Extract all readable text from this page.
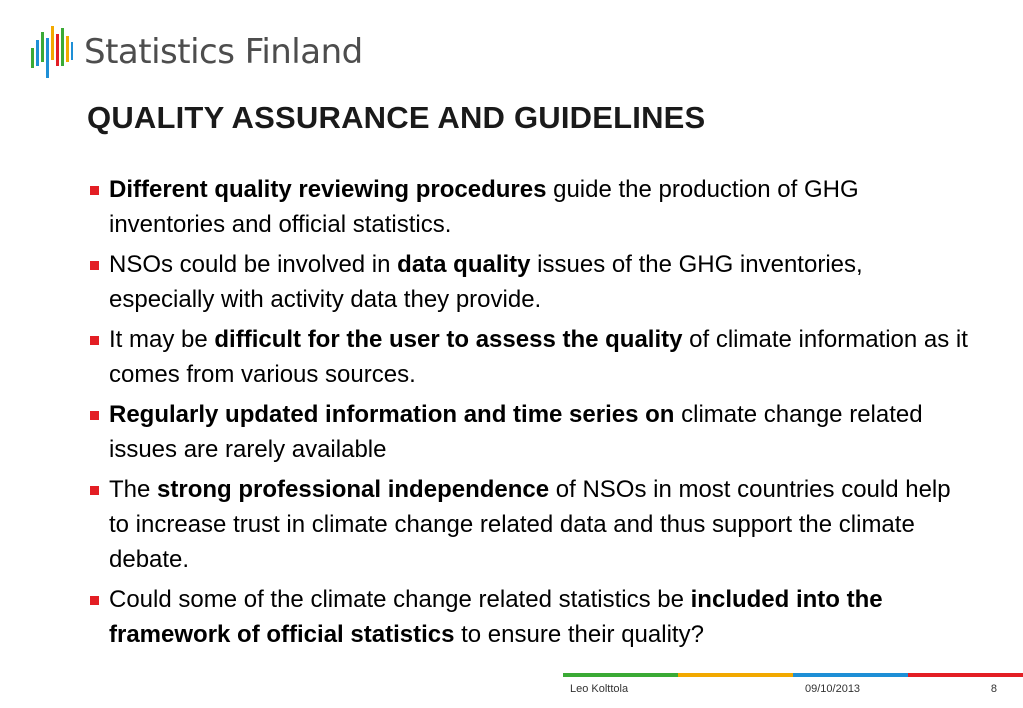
Statistics Finland
QUALITY ASSURANCE AND GUIDELINES
Different quality reviewing procedures guide the production of GHG inventories and official statistics.
NSOs could be involved in data quality issues of the GHG inventories, especially with activity data they provide.
It may be difficult for the user to assess the quality of climate information as it comes from various sources.
Regularly updated information and time series on climate change related issues are rarely available
The strong professional independence of NSOs in most countries could help to increase trust in climate change related data and thus support the climate debate.
Could some of the climate change related statistics be included into the framework of official statistics to ensure their quality?
Leo Kolttola	09/10/2013	8
